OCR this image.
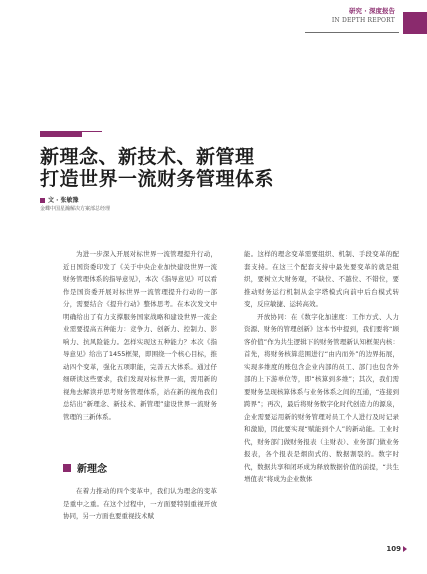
研究 · 深度报告
IN DEPTH REPORT
新理念、新技术、新管理
打造世界一流财务管理体系
文 · 张敏豫
金蝶中国星瀚解决方案部总经理

为进一步深入开展对标世界一流管理提升行动，近日国资委印发了《关于中央企业加快建设世界一流财务管理体系的指导意见》，本次《指导意见》可以看作是国资委开展对标世界一流管理提升行动的一部分，需要结合《提升行动》整体思考。在本次发文中明确给出了有力支撑服务国家战略和建设世界一流企业需要提高五种能力：竞争力、创新力、控制力、影响力、抗风险能力。怎样实现这五种能力？本次《指导意见》给出了1455框架，即围绕一个核心目标，推动四个变革，强化五项职能，完善五大体系。通过仔细研读这些要求，我们发现对标世界一流，需用新的视角去解读并思考财务管理体系，站在新的视角我们总结出“新理念、新技术、新管理”建设世界一流财务管理的三新体系。

新理念

在着力推动的四个变革中，我们认为理念的变革是重中之重。在这个过程中，一方面要特别重视开放协同，另一方面也要重视技术赋

能。这样的理念变革需要组织、机制、手段变革的配套支持。在这三个配套支持中最先要变革的就是组织，要树立大财务观，不缺位、不越位、不错位，要推动财务运行机制从金字塔模式向前中后台模式转变，反应敏捷、运转高效。

开放协同：在《数字化加速度：工作方式、人力资源、财务的管理创新》这本书中提到，我们要将“顾客价值”作为共生逻辑下的财务管理新认知框架内核：首先，将财务核算范围进行“由内而外”的边界拓展，实现多维度的账包含企业内部的员工、部门也包含外部的上下游单位等，即“核算到多维”；其次，我们需要财务呈现核算体系与业务体系之间的互通，“连接到跨界”；再次，最后将财务数字化时代创造力的源泉，企业需要运用新的财务管理对员工个人进行及时记录和激励，因此要实现“赋能到个人”的新动能。工业时代，财务部门做财务报表（主财表）、业务部门做业务报表，各个报表是烟囱式的、数据割裂的。数字时代，数据共享和闭环成为释放数据价值的前提，“共生增值表”将成为企业数体

109
